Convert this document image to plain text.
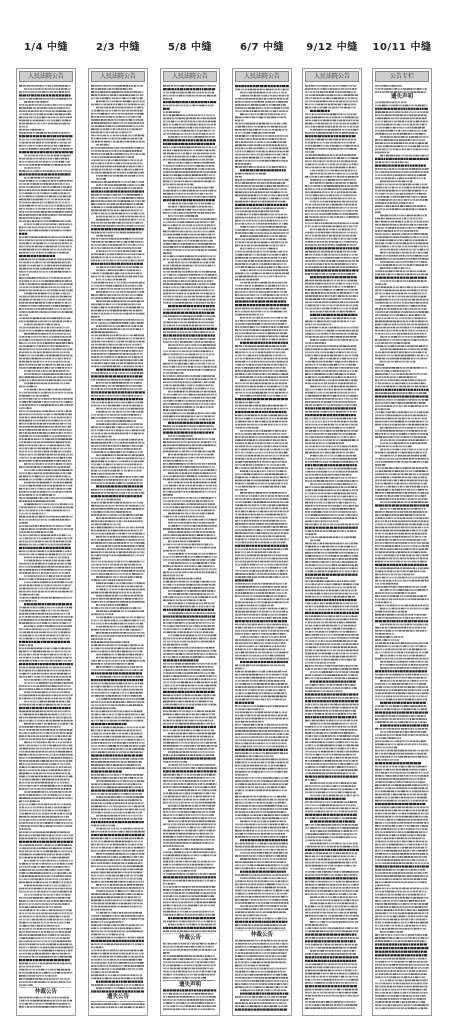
1/4 中缝	2/3 中缝	5/8 中缝	6/7 中缝	9/12 中缝	10/11 中缝
人民法院公告
仲裁公告
人民法院公告
遗失公告
人民法院公告
仲裁公告
遗失声明
人民法院公告
仲裁公告
人民法院公告	公告专栏
遗失声明
